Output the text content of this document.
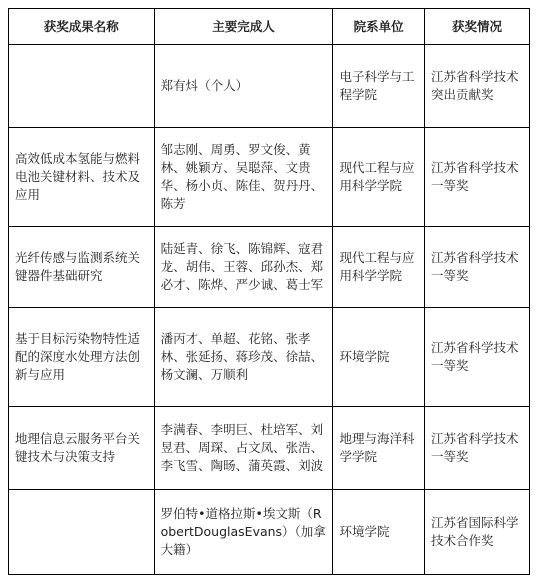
获奖成果名称	主要完成人	院系单位	获奖情况
	郑有炓（个人）	电子科学与工程学院	江苏省科学技术突出贡献奖
高效低成本氢能与燃料电池关键材料、技术及应用	邹志刚、周勇、罗文俊、黄林、姚颖方、吴聪萍、文贵华、杨小贞、陈佳、贺丹丹、陈芳	现代工程与应用科学学院	江苏省科学技术一等奖
光纤传感与监测系统关键器件基础研究	陆延青、徐飞、陈锦辉、寇君龙、胡伟、王蓉、邱孙杰、郑必才、陈烨、严少诚、葛士军	现代工程与应用科学学院	江苏省科学技术一等奖
基于目标污染物特性适配的深度水处理方法创新与应用	潘丙才、单超、花铭、张孝林、张延扬、蒋珍茂、徐喆、杨文澜、万顺利	环境学院	江苏省科学技术一等奖
地理信息云服务平台关键技术与决策支持	李满春、李明巨、杜培军、刘昱君、周琛、占文凤、张浩、李飞雪、陶旸、蒲英霞、刘波	地理与海洋科学学院	江苏省科学技术一等奖
	罗伯特•道格拉斯•埃文斯（RobertDouglasEvans）（加拿大籍）	环境学院	江苏省国际科学技术合作奖
